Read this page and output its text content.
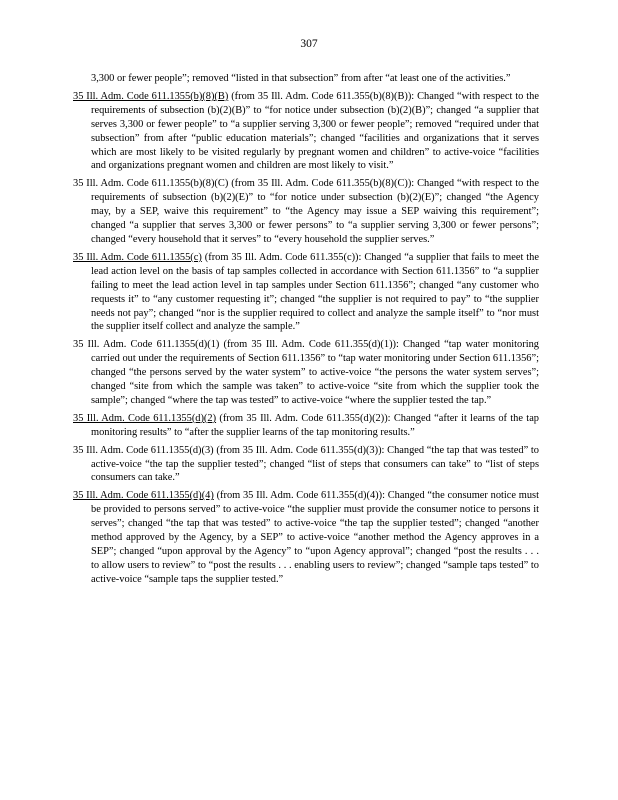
307
3,300 or fewer people”; removed “listed in that subsection” from after “at least one of the activities.”
35 Ill. Adm. Code 611.1355(b)(8)(B) (from 35 Ill. Adm. Code 611.355(b)(8)(B)): Changed “with respect to the requirements of subsection (b)(2)(B)” to “for notice under subsection (b)(2)(B)”; changed “a supplier that serves 3,300 or fewer people” to “a supplier serving 3,300 or fewer people”; removed “required under that subsection” from after “public education materials”; changed “facilities and organizations that it serves which are most likely to be visited regularly by pregnant women and children” to active-voice “facilities and organizations pregnant women and children are most likely to visit.”
35 Ill. Adm. Code 611.1355(b)(8)(C) (from 35 Ill. Adm. Code 611.355(b)(8)(C)): Changed “with respect to the requirements of subsection (b)(2)(E)” to “for notice under subsection (b)(2)(E)”; changed “the Agency may, by a SEP, waive this requirement” to “the Agency may issue a SEP waiving this requirement”; changed “a supplier that serves 3,300 or fewer persons” to “a supplier serving 3,300 or fewer persons”; changed “every household that it serves” to “every household the supplier serves.”
35 Ill. Adm. Code 611.1355(c) (from 35 Ill. Adm. Code 611.355(c)): Changed “a supplier that fails to meet the lead action level on the basis of tap samples collected in accordance with Section 611.1356” to “a supplier failing to meet the lead action level in tap samples under Section 611.1356”; changed “any customer who requests it” to “any customer requesting it”; changed “the supplier is not required to pay” to “the supplier needs not pay”; changed “nor is the supplier required to collect and analyze the sample itself” to “nor must the supplier itself collect and analyze the sample.”
35 Ill. Adm. Code 611.1355(d)(1) (from 35 Ill. Adm. Code 611.355(d)(1)): Changed “tap water monitoring carried out under the requirements of Section 611.1356” to “tap water monitoring under Section 611.1356”; changed “the persons served by the water system” to active-voice “the persons the water system serves”; changed “site from which the sample was taken” to active-voice “site from which the supplier took the sample”; changed “where the tap was tested” to active-voice “where the supplier tested the tap.”
35 Ill. Adm. Code 611.1355(d)(2) (from 35 Ill. Adm. Code 611.355(d)(2)): Changed “after it learns of the tap monitoring results” to “after the supplier learns of the tap monitoring results.”
35 Ill. Adm. Code 611.1355(d)(3) (from 35 Ill. Adm. Code 611.355(d)(3)): Changed “the tap that was tested” to active-voice “the tap the supplier tested”; changed “list of steps that consumers can take” to “list of steps consumers can take.”
35 Ill. Adm. Code 611.1355(d)(4) (from 35 Ill. Adm. Code 611.355(d)(4)): Changed “the consumer notice must be provided to persons served” to active-voice “the supplier must provide the consumer notice to persons it serves”; changed “the tap that was tested” to active-voice “the tap the supplier tested”; changed “another method approved by the Agency, by a SEP” to active-voice “another method the Agency approves in a SEP”; changed “upon approval by the Agency” to “upon Agency approval”; changed “post the results . . . to allow users to review” to “post the results . . . enabling users to review”; changed “sample taps tested” to active-voice “sample taps the supplier tested.”
